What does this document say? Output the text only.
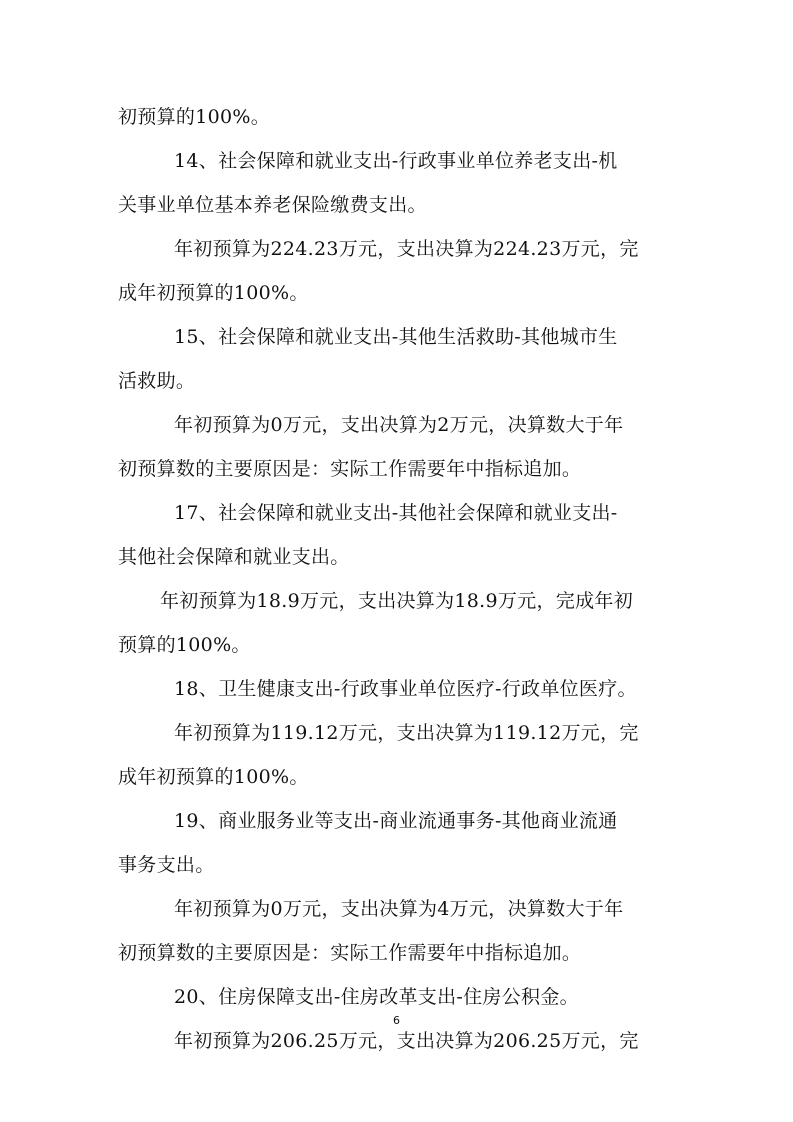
初预算的100%。
14、社会保障和就业支出-行政事业单位养老支出-机
关事业单位基本养老保险缴费支出。
年初预算为224.23万元，支出决算为224.23万元，完
成年初预算的100%。
15、社会保障和就业支出-其他生活救助-其他城市生
活救助。
年初预算为0万元，支出决算为2万元，决算数大于年
初预算数的主要原因是：实际工作需要年中指标追加。
17、社会保障和就业支出-其他社会保障和就业支出-
其他社会保障和就业支出。
年初预算为18.9万元，支出决算为18.9万元，完成年初
预算的100%。
18、卫生健康支出-行政事业单位医疗-行政单位医疗。
年初预算为119.12万元，支出决算为119.12万元，完
成年初预算的100%。
19、商业服务业等支出-商业流通事务-其他商业流通
事务支出。
年初预算为0万元，支出决算为4万元，决算数大于年
初预算数的主要原因是：实际工作需要年中指标追加。
20、住房保障支出-住房改革支出-住房公积金。
年初预算为206.25万元，支出决算为206.25万元，完
6
